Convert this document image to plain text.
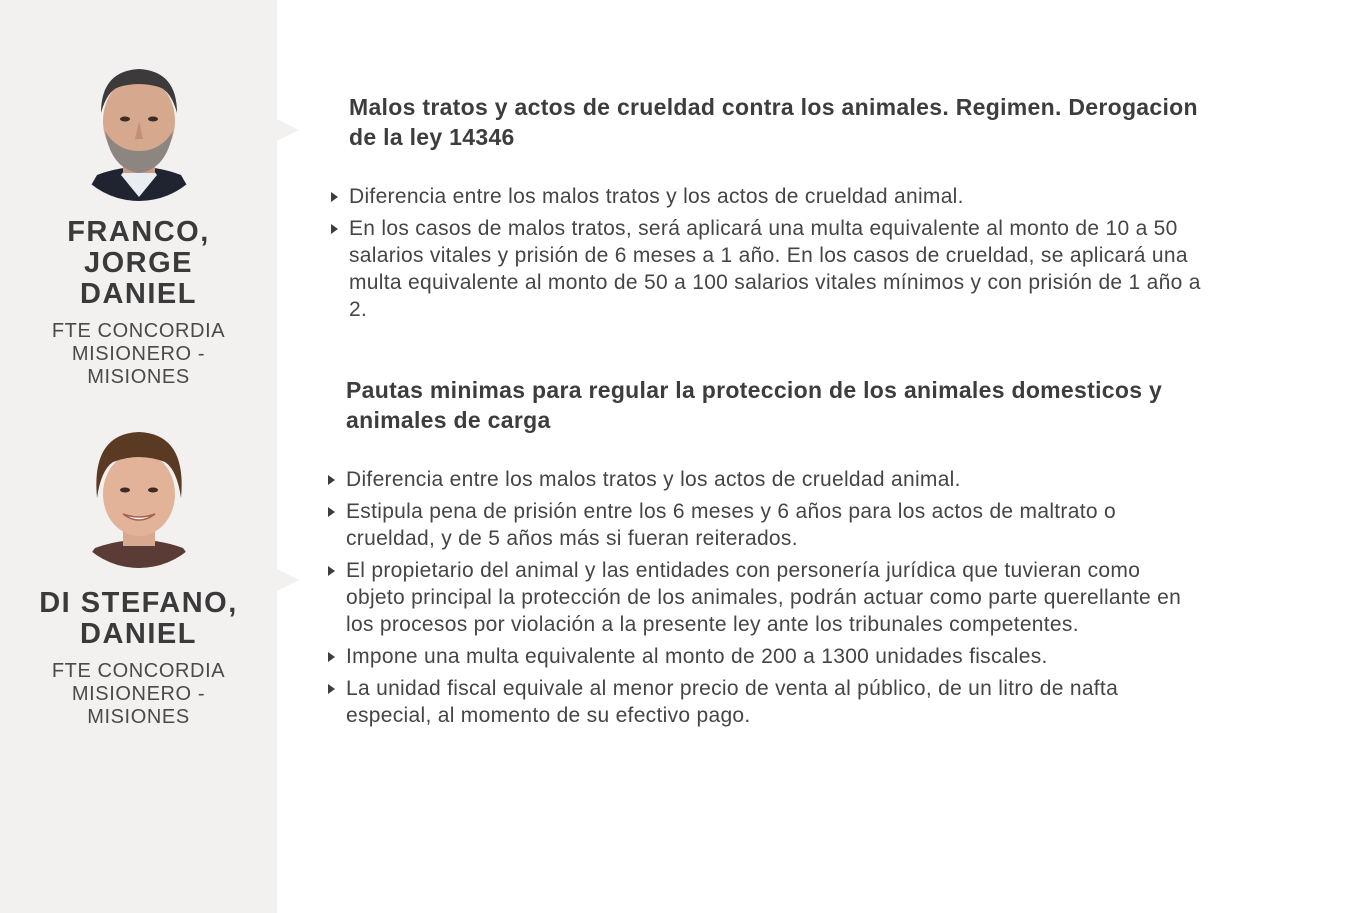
FRANCO,
JORGE
DANIEL
FTE CONCORDIA
MISIONERO -
MISIONES
DI STEFANO,
DANIEL
FTE CONCORDIA
MISIONERO -
MISIONES
Malos tratos y actos de crueldad contra los animales. Regimen. Derogacion de la ley 14346
Diferencia entre los malos tratos y los actos de crueldad animal.
En los casos de malos tratos, será aplicará una multa equivalente al monto de 10 a 50 salarios vitales y prisión de 6 meses a 1 año. En los casos de crueldad, se aplicará una multa equivalente al monto de 50 a 100 salarios vitales mínimos y con prisión de 1 año a 2.
Pautas minimas para regular la proteccion de los animales domesticos y animales de carga
Diferencia entre los malos tratos y los actos de crueldad animal.
Estipula pena de prisión entre los 6 meses y 6 años para los actos de maltrato o crueldad, y de 5 años más si fueran reiterados.
El propietario del animal y las entidades con personería jurídica que tuvieran como objeto principal la protección de los animales, podrán actuar como parte querellante en los procesos por violación a la presente ley ante los tribunales competentes.
Impone una multa equivalente al monto de 200 a 1300 unidades fiscales.
La unidad fiscal equivale al menor precio de venta al público, de un litro de nafta especial, al momento de su efectivo pago.
